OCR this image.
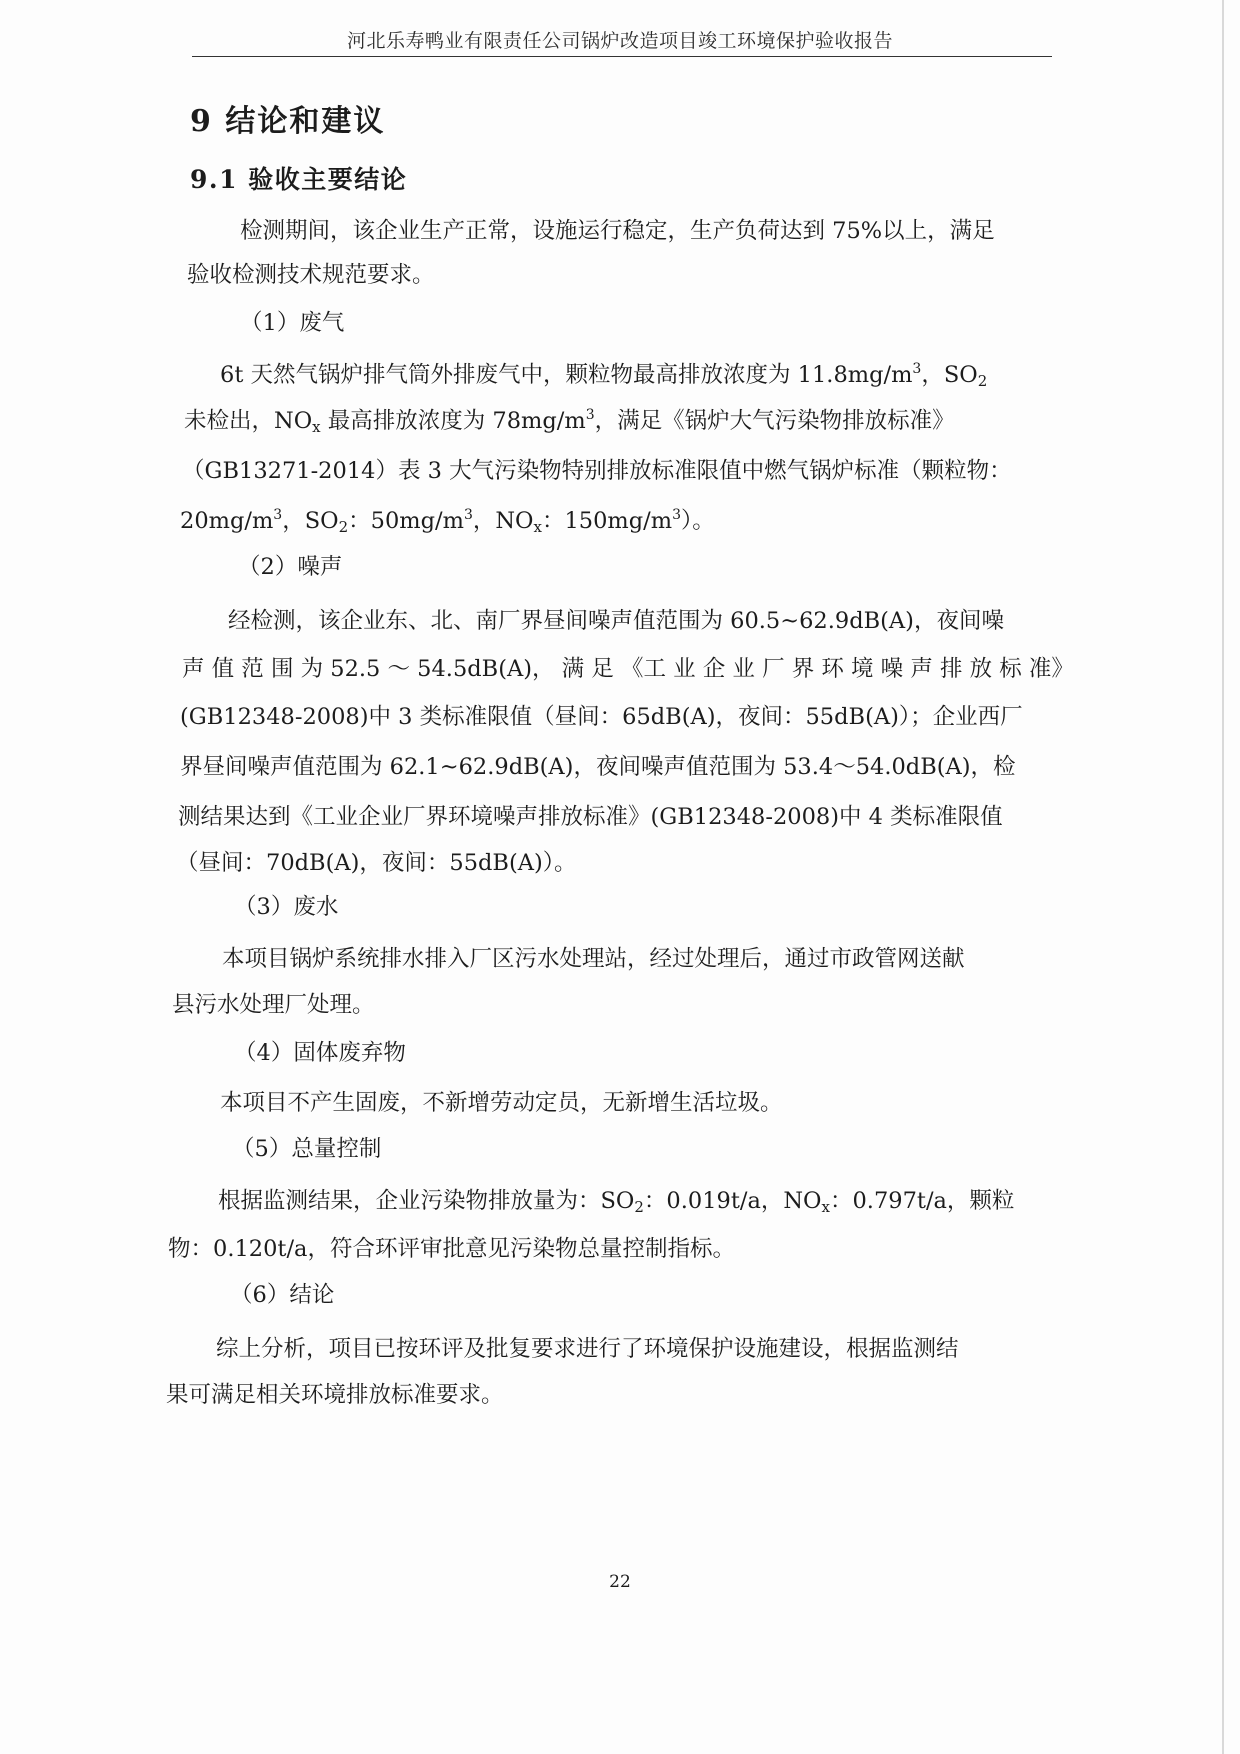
河北乐寿鸭业有限责任公司锅炉改造项目竣工环境保护验收报告
9 结论和建议
9.1 验收主要结论
检测期间，该企业生产正常，设施运行稳定，生产负荷达到 75%以上，满足
验收检测技术规范要求。
（1）废气
6t 天然气锅炉排气筒外排废气中，颗粒物最高排放浓度为 $11.8mg/m^3$，$SO_2$
未检出，$NO_x$ 最高排放浓度为 $78mg/m^3$，满足《锅炉大气污染物排放标准》
（GB13271-2014）表 3 大气污染物特别排放标准限值中燃气锅炉标准（颗粒物：
$20mg/m^3$，$SO_2$：$50mg/m^3$，$NO_x$：$150mg/m^3$）。
（2）噪声
经检测，该企业东、北、南厂界昼间噪声值范围为 60.5~62.9dB(A)，夜间噪
声 值 范 围 为 52.5 ～ 54.5dB(A)， 满 足 《工 业 企 业 厂 界 环 境 噪 声 排 放 标 准》
(GB12348-2008)中 3 类标准限值（昼间：65dB(A)，夜间：55dB(A)）；企业西厂
界昼间噪声值范围为 62.1~62.9dB(A)，夜间噪声值范围为 53.4～54.0dB(A)，检
测结果达到《工业企业厂界环境噪声排放标准》(GB12348-2008)中 4 类标准限值
（昼间：70dB(A)，夜间：55dB(A)）。
（3）废水
本项目锅炉系统排水排入厂区污水处理站，经过处理后，通过市政管网送献
县污水处理厂处理。
（4）固体废弃物
本项目不产生固废，不新增劳动定员，无新增生活垃圾。
（5）总量控制
根据监测结果，企业污染物排放量为：$SO_2$：0.019t/a，$NO_x$：0.797t/a，颗粒
物：0.120t/a，符合环评审批意见污染物总量控制指标。
（6）结论
综上分析，项目已按环评及批复要求进行了环境保护设施建设，根据监测结
果可满足相关环境排放标准要求。
22
